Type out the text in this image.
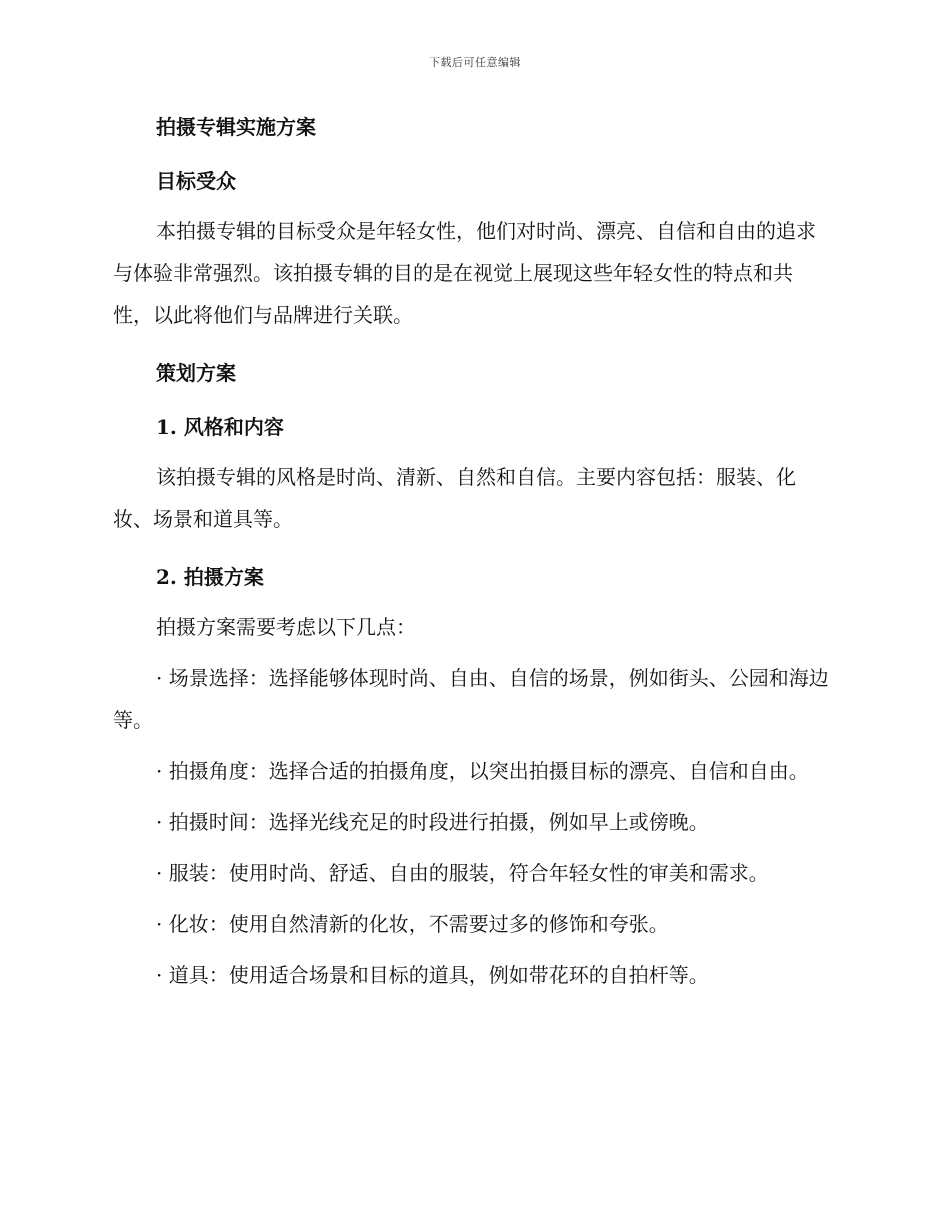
下载后可任意编辑
拍摄专辑实施方案
目标受众

本拍摄专辑的目标受众是年轻女性，他们对时尚、漂亮、自信和自由的追求与体验非常强烈。该拍摄专辑的目的是在视觉上展现这些年轻女性的特点和共性，以此将他们与品牌进行关联。

策划方案
1. 风格和内容

该拍摄专辑的风格是时尚、清新、自然和自信。主要内容包括：服装、化妆、场景和道具等。

2. 拍摄方案

拍摄方案需要考虑以下几点：

· 场景选择：选择能够体现时尚、自由、自信的场景，例如街头、公园和海边等。

· 拍摄角度：选择合适的拍摄角度，以突出拍摄目标的漂亮、自信和自由。

· 拍摄时间：选择光线充足的时段进行拍摄，例如早上或傍晚。

· 服装：使用时尚、舒适、自由的服装，符合年轻女性的审美和需求。

· 化妆：使用自然清新的化妆，不需要过多的修饰和夸张。

· 道具：使用适合场景和目标的道具，例如带花环的自拍杆等。
